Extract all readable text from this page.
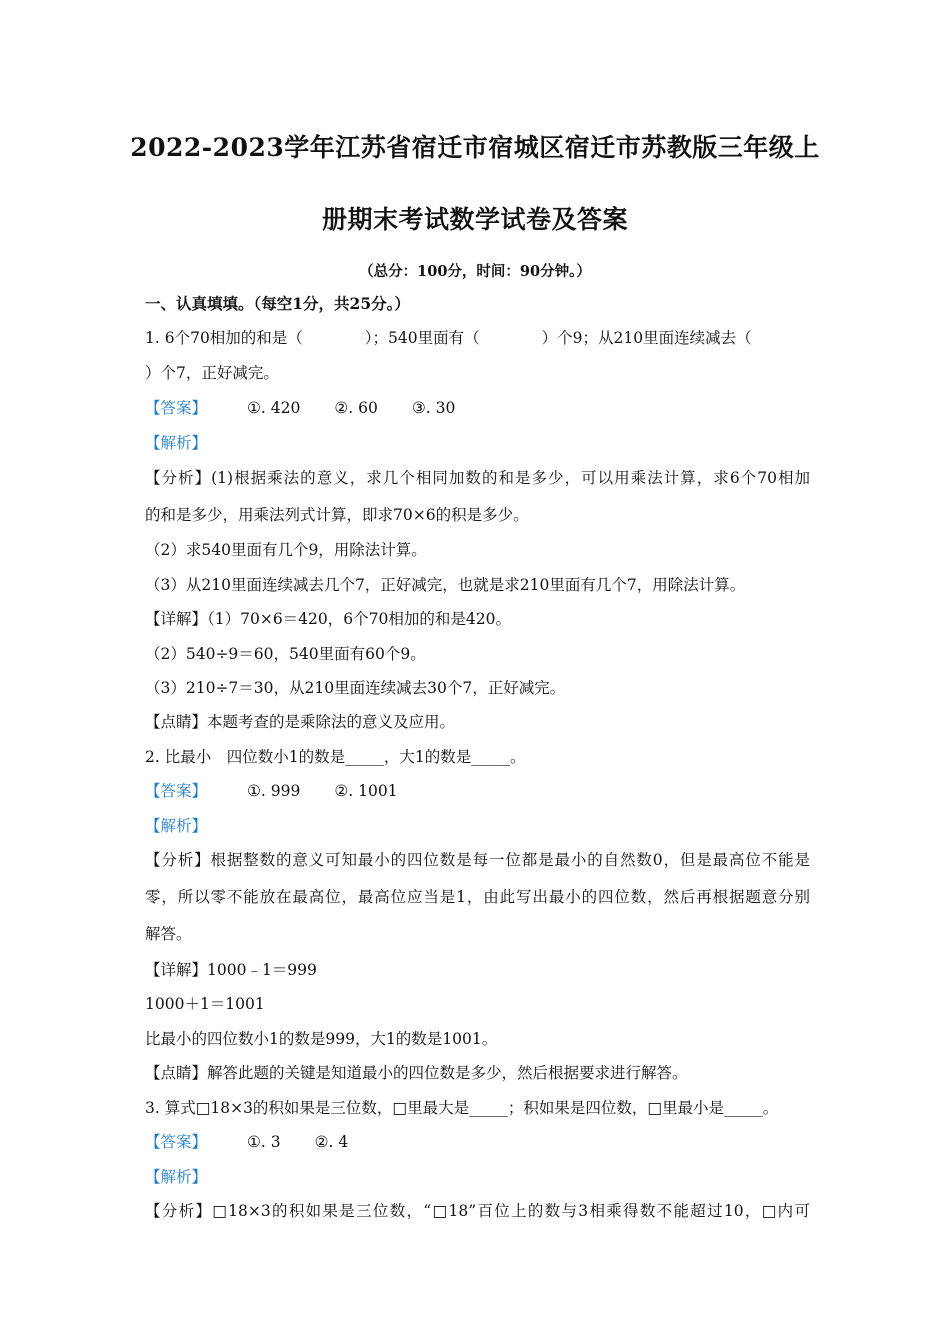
2022-2023学年江苏省宿迁市宿城区宿迁市苏教版三年级上
册期末考试数学试卷及答案
（总分：100分，时间：90分钟。）
一、认真填填。（每空1分，共25分。）
1. 6个70相加的和是（　　　　）；540里面有（　　　　）个9；从210里面连续减去（
）个7，正好减完。
【答案】	①. 420 ②. 60 ③. 30
【解析】
【分析】(1)根据乘法的意义，求几个相同加数的和是多少，可以用乘法计算，求6个70相加
的和是多少，用乘法列式计算，即求70×6的积是多少。
（2）求540里面有几个9，用除法计算。
（3）从210里面连续减去几个7，正好减完，也就是求210里面有几个7，用除法计算。
【详解】（1）70×6＝420，6个70相加的和是420。
（2）540÷9＝60，540里面有60个9。
（3）210÷7＝30，从210里面连续减去30个7，正好减完。
【点睛】本题考查的是乘除法的意义及应用。
2. 比最小　四位数小1的数是_____，大1的数是_____。
【答案】	①. 999 ②. 1001
【解析】
【分析】根据整数的意义可知最小的四位数是每一位都是最小的自然数0，但是最高位不能是
零，所以零不能放在最高位，最高位应当是1，由此写出最小的四位数，然后再根据题意分别
解答。
【详解】1000﹣1＝999
1000＋1＝1001
比最小的四位数小1的数是999，大1的数是1001。
【点睛】解答此题的关键是知道最小的四位数是多少，然后根据要求进行解答。
3. 算式□18×3的积如果是三位数，□里最大是_____；积如果是四位数，□里最小是_____。
【答案】	①. 3 ②. 4
【解析】
【分析】□18×3的积如果是三位数，“□18”百位上的数与3相乘得数不能超过10，□内可
